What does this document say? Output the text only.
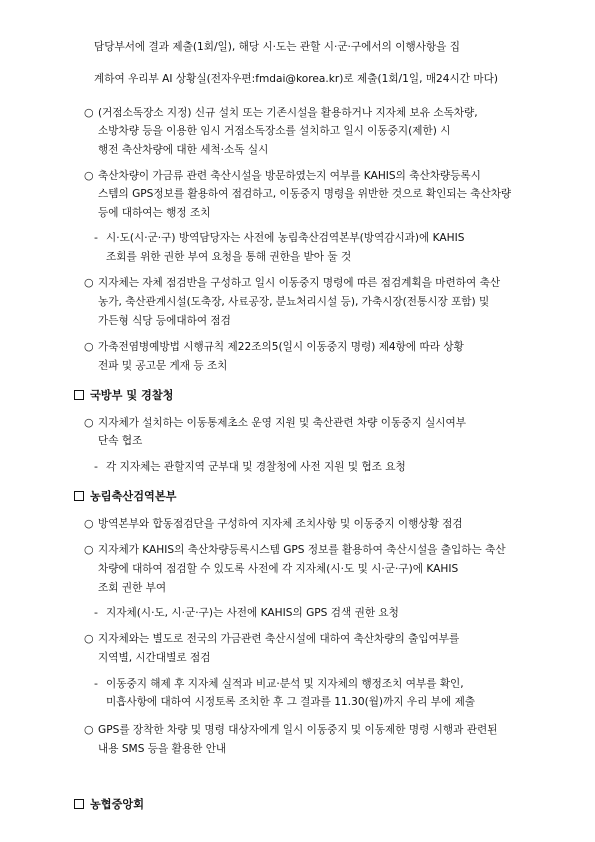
담당부서에 결과 제출(1회/일), 해당 시·도는 관할 시·군·구에서의 이행사항을 집
계하여 우리부 AI 상황실(전자우편:fmdai@korea.kr)로 제출(1회/1일, 매24시간 마다)
○ (거점소독장소 지정) 신규 설치 또는 기존시설을 활용하거나 지자체 보유 소독차량,
소방차량 등을 이용한 임시 거점소독장소를 설치하고 일시 이동중지(제한) 시
행전 축산차량에 대한 세척·소독 실시
○ 축산차량이 가금류 관련 축산시설을 방문하였는지 여부를 KAHIS의 축산차량등록시
스템의 GPS정보를 활용하여 점검하고, 이동중지 명령을 위반한 것으로 확인되는 축산차량
등에 대하여는 행정 조치
- 시·도(시·군·구) 방역담당자는 사전에 농림축산검역본부(방역감시과)에 KAHIS
조회를 위한 권한 부여 요청을 통해 권한을 받아 둘 것
○ 지자체는 자체 점검반을 구성하고 일시 이동중지 명령에 따른 점검계획을 마련하여 축산
농가, 축산관계시설(도축장, 사료공장, 분뇨처리시설 등), 가축시장(전통시장 포함) 및
가든형 식당 등에대하여 점검
○ 가축전염병예방법 시행규칙 제22조의5(일시 이동중지 명령) 제4항에 따라 상황
전파 및 공고문 게재 등 조치
국방부 및 경찰청
○ 지자체가 설치하는 이동통제초소 운영 지원 및 축산관련 차량 이동중지 실시여부
단속 협조
- 각 지자체는 관할지역 군부대 및 경찰청에 사전 지원 및 협조 요청
농림축산검역본부
○ 방역본부와 합동점검단을 구성하여 지자체 조치사항 및 이동중지 이행상황 점검
○ 지자체가 KAHIS의 축산차량등록시스템 GPS 정보를 활용하여 축산시설을 출입하는 축산
차량에 대하여 점검할 수 있도록 사전에 각 지자체(시·도 및 시·군·구)에 KAHIS
조회 권한 부여
- 지자체(시·도, 시·군·구)는 사전에 KAHIS의 GPS 검색 권한 요청
○ 지자체와는 별도로 전국의 가금관련 축산시설에 대하여 축산차량의 출입여부를
지역별, 시간대별로 점검
- 이동중지 해제 후 지자체 실적과 비교·분석 및 지자체의 행정조치 여부를 확인,
미흡사항에 대하여 시정토록 조치한 후 그 결과를 11.30(월)까지 우리 부에 제출
○ GPS를 장착한 차량 및 명령 대상자에게 일시 이동중지 및 이동제한 명령 시행과 관련된
내용 SMS 등을 활용한 안내
농협중앙회
